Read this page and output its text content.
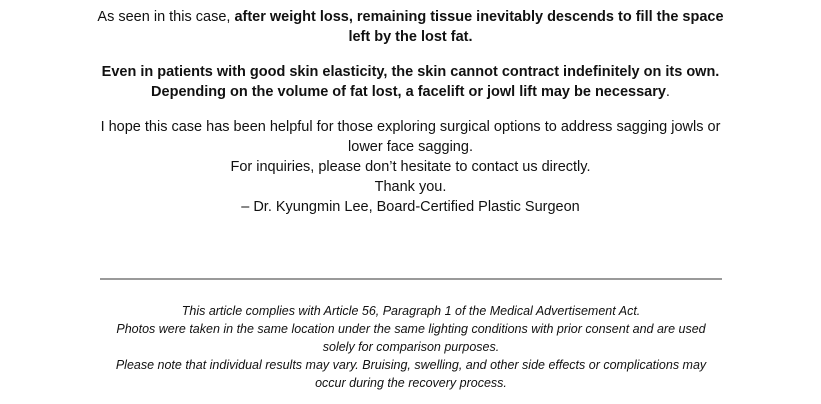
As seen in this case, after weight loss, remaining tissue inevitably descends to fill the space left by the lost fat.

Even in patients with good skin elasticity, the skin cannot contract indefinitely on its own. Depending on the volume of fat lost, a facelift or jowl lift may be necessary.

I hope this case has been helpful for those exploring surgical options to address sagging jowls or lower face sagging.
For inquiries, please don’t hesitate to contact us directly.
Thank you.
– Dr. Kyungmin Lee, Board-Certified Plastic Surgeon

This article complies with Article 56, Paragraph 1 of the Medical Advertisement Act.
Photos were taken in the same location under the same lighting conditions with prior consent and are used solely for comparison purposes.
Please note that individual results may vary. Bruising, swelling, and other side effects or complications may occur during the recovery process.
